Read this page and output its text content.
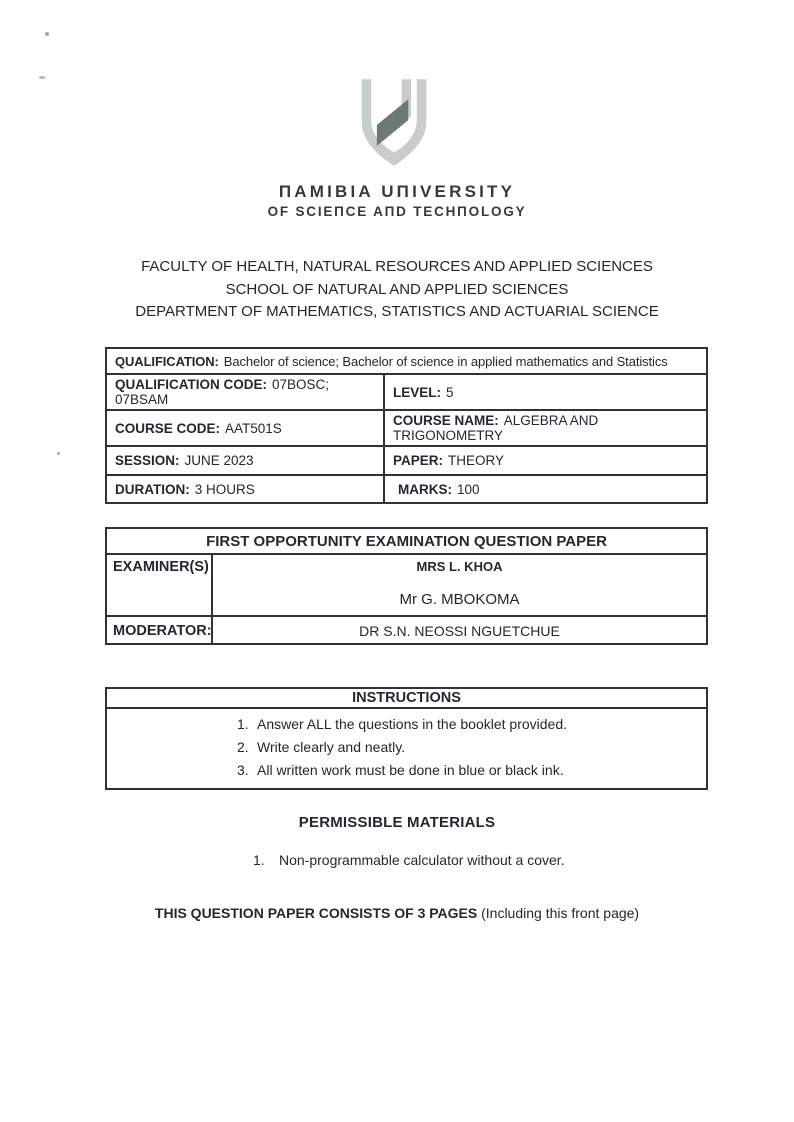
ПAMIBIA UПIVERSITY
OF SCIEПCE AПD TECHПOLOGY
FACULTY OF HEALTH, NATURAL RESOURCES AND APPLIED SCIENCES
SCHOOL OF NATURAL AND APPLIED SCIENCES
DEPARTMENT OF MATHEMATICS, STATISTICS AND ACTUARIAL SCIENCE
QUALIFICATION: Bachelor of science; Bachelor of science in applied mathematics and Statistics	
QUALIFICATION CODE: 07BOSC; 07BSAM	LEVEL: 5
COURSE CODE: AAT501S	COURSE NAME: ALGEBRA AND TRIGONOMETRY
SESSION: JUNE 2023	PAPER: THEORY
DURATION: 3 HOURS	MARKS: 100
FIRST OPPORTUNITY EXAMINATION QUESTION PAPER	
EXAMINER(S)	MRS L. KHOA
Mr G. MBOKOMA

MODERATOR:	DR S.N. NEOSSI NGUETCHUE
INSTRUCTIONS

1. Answer ALL the questions in the booklet provided.
2. Write clearly and neatly.
3. All written work must be done in blue or black ink.
PERMISSIBLE MATERIALS
1. Non-programmable calculator without a cover.
THIS QUESTION PAPER CONSISTS OF 3 PAGES (Including this front page)
